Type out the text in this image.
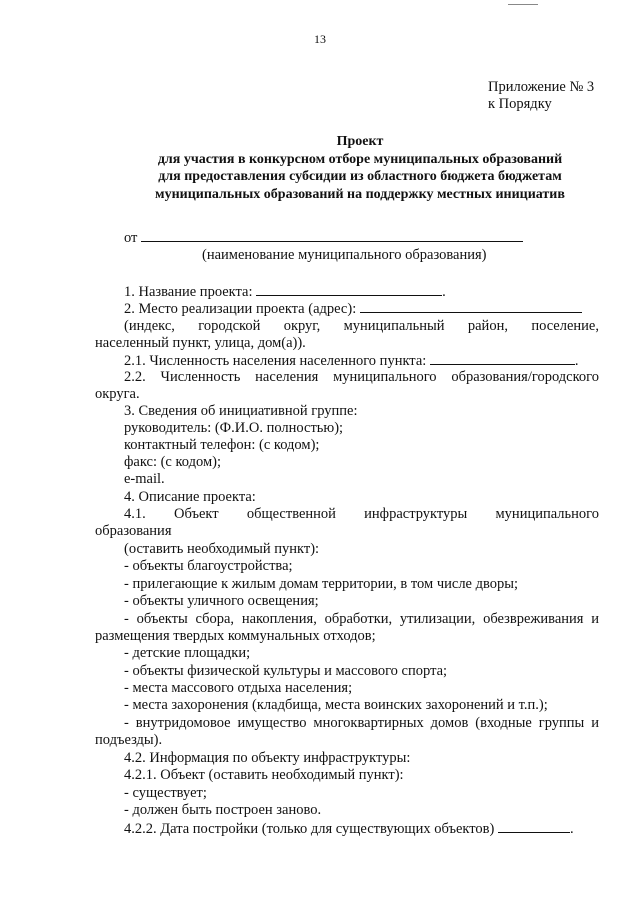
13
Приложение № 3
к Порядку
Проект
для участия в конкурсном отборе муниципальных образований
для предоставления субсидии из областного бюджета бюджетам
муниципальных образований на поддержку местных инициатив
от
(наименование муниципального образования)
1. Название проекта:	.
2. Место реализации проекта (адрес):
(индекс, городской округ, муниципальный район, поселение,
населенный пункт, улица, дом(а)).
2.1. Численность населения населенного пункта:	.
2.2. Численность населения муниципального образования/городского
округа.
3. Сведения об инициативной группе:
руководитель: (Ф.И.О. полностью);
контактный телефон: (с кодом);
факс: (с кодом);
e-mail.
4. Описание проекта:
4.1. Объект общественной инфраструктуры муниципального
образования
(оставить необходимый пункт):
- объекты благоустройства;
- прилегающие к жилым домам территории, в том числе дворы;
- объекты уличного освещения;
- объекты сбора, накопления, обработки, утилизации, обезвреживания и
размещения твердых коммунальных отходов;
- детские площадки;
- объекты физической культуры и массового спорта;
- места массового отдыха населения;
- места захоронения (кладбища, места воинских захоронений и т.п.);
- внутридомовое имущество многоквартирных домов (входные группы и
подъезды).
4.2. Информация по объекту инфраструктуры:
4.2.1. Объект (оставить необходимый пункт):
- существует;
- должен быть построен заново.
4.2.2. Дата постройки (только для существующих объектов)	.
